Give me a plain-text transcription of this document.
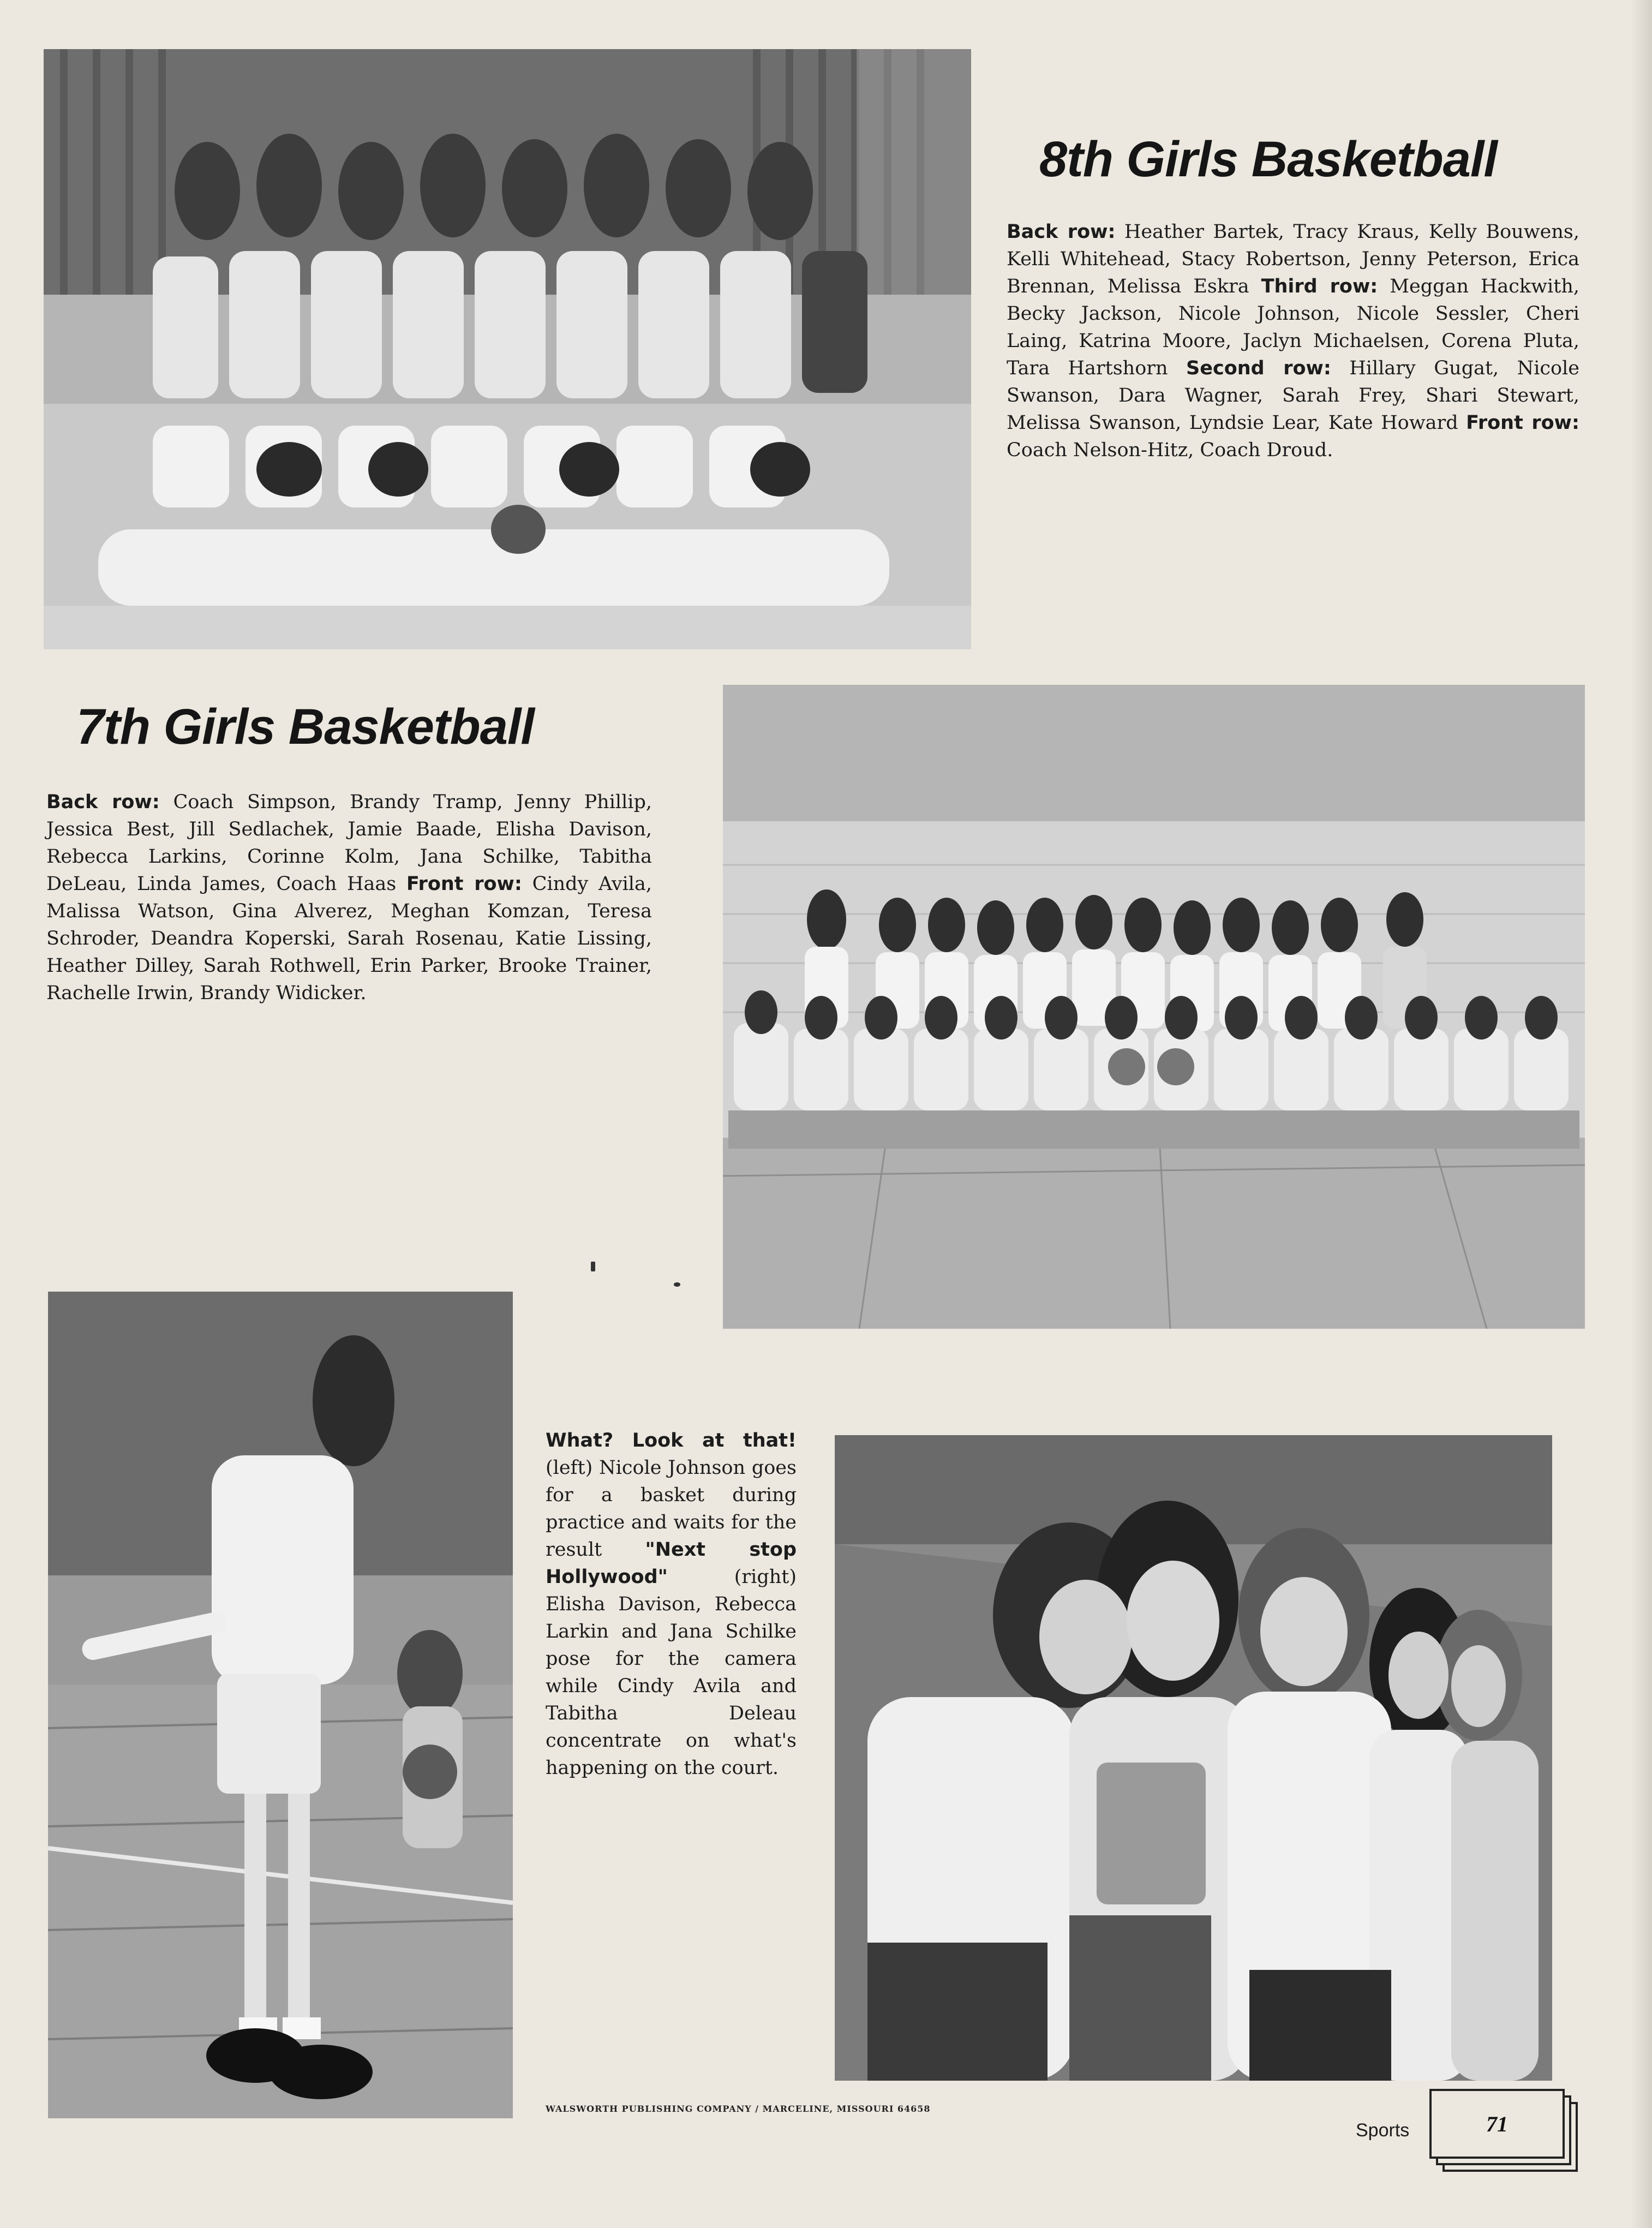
8th Girls Basketball
Back row: Heather Bartek, Tracy Kraus, Kelly Bouwens, Kelli Whitehead, Stacy Robertson, Jenny Peterson, Erica Brennan, Melissa Eskra Third row: Meggan Hackwith, Becky Jackson, Nicole Johnson, Nicole Sessler, Cheri Laing, Katrina Moore, Jaclyn Michaelsen, Corena Pluta, Tara Hartshorn Second row: Hillary Gugat, Nicole Swanson, Dara Wagner, Sarah Frey, Shari Stewart, Melissa Swanson, Lyndsie Lear, Kate Howard Front row: Coach Nelson-Hitz, Coach Droud.
7th Girls Basketball
Back row: Coach Simpson, Brandy Tramp, Jenny Phillip, Jessica Best, Jill Sedlachek, Jamie Baade, Elisha Davison, Rebecca Larkins, Corinne Kolm, Jana Schilke, Tabitha DeLeau, Linda James, Coach Haas Front row: Cindy Avila, Malissa Watson, Gina Alverez, Meghan Komzan, Teresa Schroder, Deandra Koperski, Sarah Rosenau, Katie Lissing, Heather Dilley, Sarah Rothwell, Erin Parker, Brooke Trainer, Rachelle Irwin, Brandy Widicker.
What? Look at that! (left) Nicole Johnson goes for a basket during practice and waits for the result "Next stop Hollywood"	(right) Elisha Davison, Rebecca Larkin and Jana Schilke pose for the camera while Cindy Avila and Tabitha Deleau concentrate on what's happening on the court.
WALSWORTH PUBLISHING COMPANY / MARCELINE, MISSOURI 64658
Sports	71
